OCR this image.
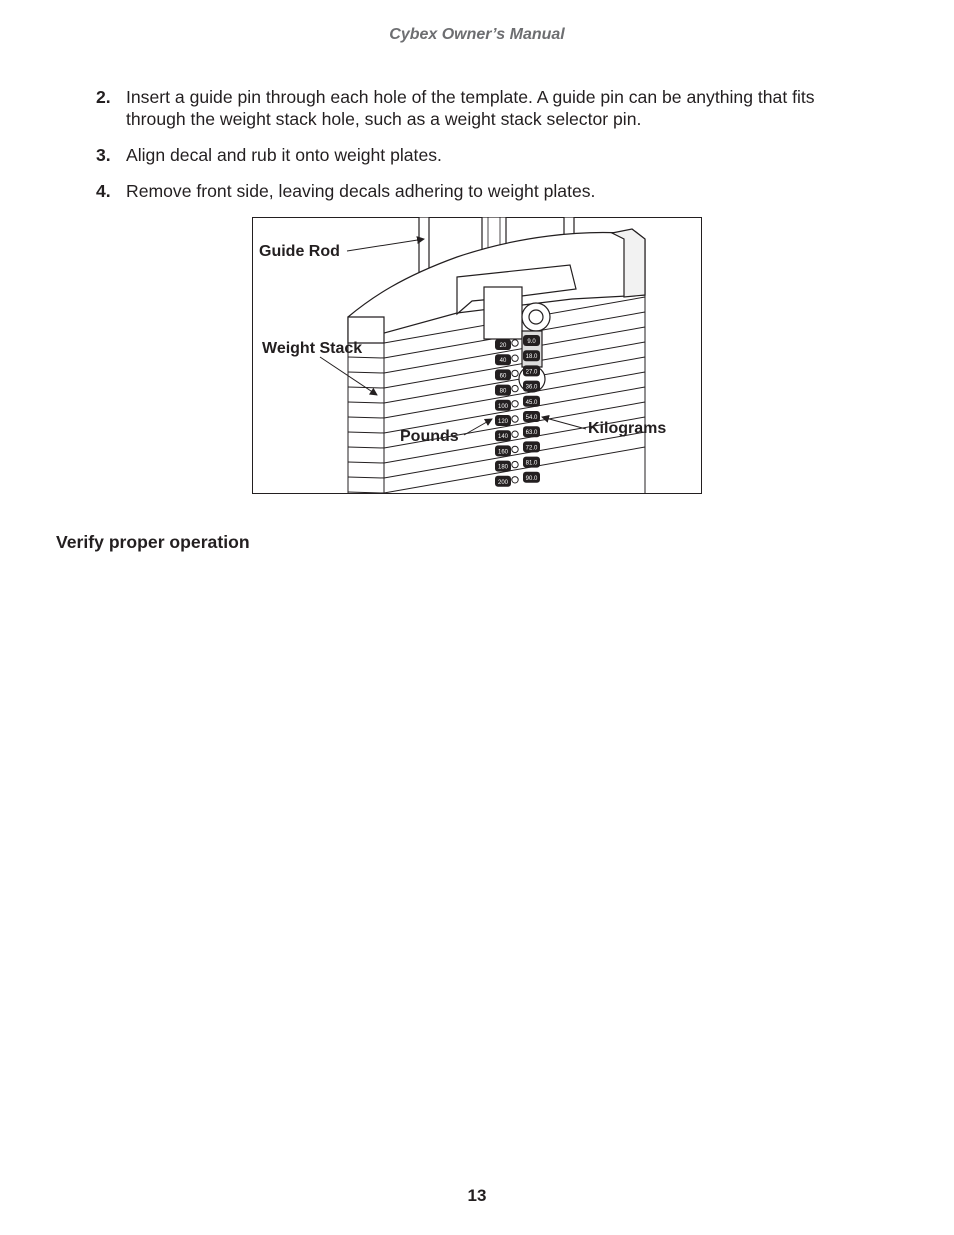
Cybex Owner’s Manual
2. Insert a guide pin through each hole of the template. A guide pin can be anything that fits through the weight stack hole, such as a weight stack selector pin.
3. Align decal and rub it onto weight plates.
4. Remove front side, leaving decals adhering to weight plates.
20
40
60
80
100
120
140
160
180
200
9.0
18.0
27.0
36.0
45.0
54.0
63.0
72.0
81.0
90.0
Guide Rod
Weight Stack
Pounds	Kilograms
Verify proper operation
13
